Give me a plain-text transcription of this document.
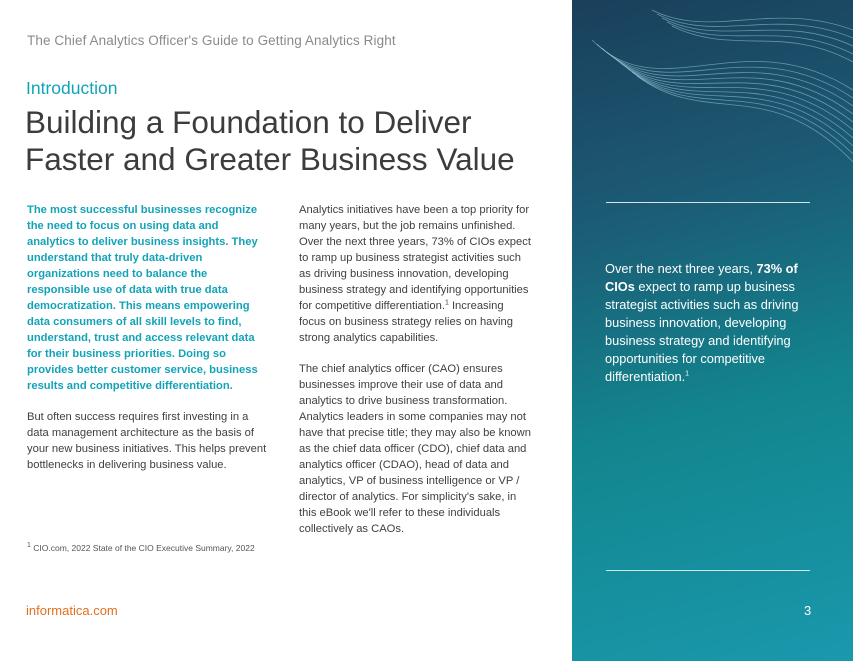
The Chief Analytics Officer's Guide to Getting Analytics Right
Introduction
Building a Foundation to Deliver
Faster and Greater Business Value

The most successful businesses recognize the need to focus on using data and analytics to deliver business insights. They understand that truly data-driven organizations need to balance the responsible use of data with true data democratization. This means empowering data consumers of all skill levels to find, understand, trust and access relevant data for their business priorities. Doing so provides better customer service, business results and competitive differentiation.

But often success requires first investing in a data management architecture as the basis of your new business initiatives. This helps prevent bottlenecks in delivering business value.

Analytics initiatives have been a top priority for many years, but the job remains unfinished. Over the next three years, 73% of CIOs expect to ramp up business strategist activities such as driving business innovation, developing business strategy and identifying opportunities for competitive differentiation.$^1$ Increasing focus on business strategy relies on having strong analytics capabilities.

The chief analytics officer (CAO) ensures businesses improve their use of data and analytics to drive business transformation. Analytics leaders in some companies may not have that precise title; they may also be known as the chief data officer (CDO), chief data and analytics officer (CDAO), head of data and analytics, VP of business intelligence or VP / director of analytics. For simplicity's sake, in this eBook we'll refer to these individuals collectively as CAOs.

$^1$ CIO.com, 2022 State of the CIO Executive Summary, 2022
informatica.com

Over the next three years, 73% of CIOs expect to ramp up business strategist activities such as driving business innovation, developing business strategy and identifying opportunities for competitive differentiation.$^1$

3
